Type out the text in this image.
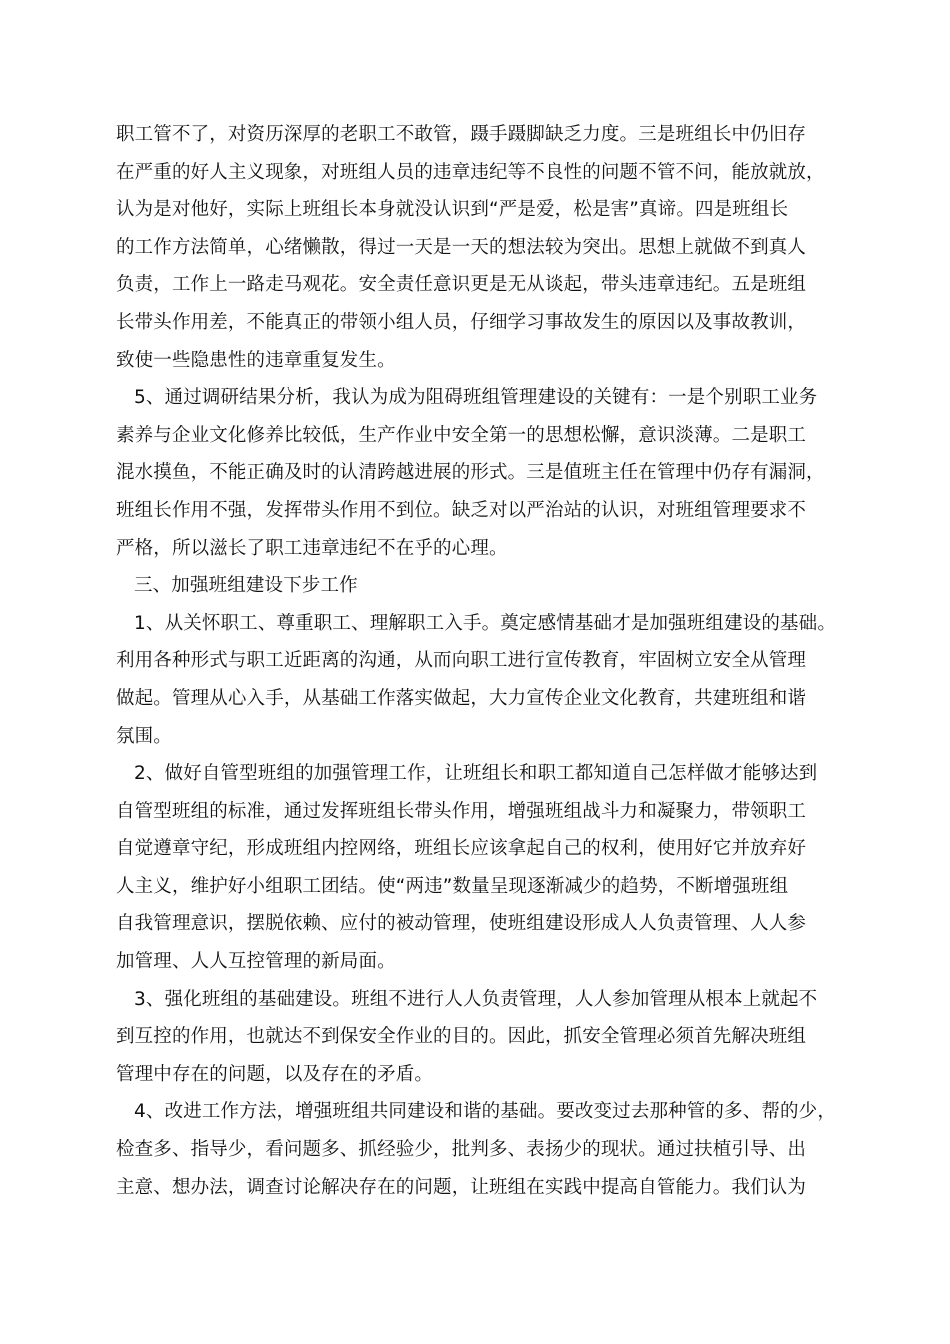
职工管不了，对资历深厚的老职工不敢管，蹑手蹑脚缺乏力度。三是班组长中仍旧存
在严重的好人主义现象，对班组人员的违章违纪等不良性的问题不管不问，能放就放，
认为是对他好，实际上班组长本身就没认识到“严是爱，松是害”真谛。四是班组长
的工作方法简单，心绪懒散，得过一天是一天的想法较为突出。思想上就做不到真人
负责，工作上一路走马观花。安全责任意识更是无从谈起，带头违章违纪。五是班组
长带头作用差，不能真正的带领小组人员，仔细学习事故发生的原因以及事故教训，
致使一些隐患性的违章重复发生。
5、通过调研结果分析，我认为成为阻碍班组管理建设的关键有：一是个别职工业务
素养与企业文化修养比较低，生产作业中安全第一的思想松懈，意识淡薄。二是职工
混水摸鱼，不能正确及时的认清跨越进展的形式。三是值班主任在管理中仍存有漏洞，
班组长作用不强，发挥带头作用不到位。缺乏对以严治站的认识，对班组管理要求不
严格，所以滋长了职工违章违纪不在乎的心理。
三、加强班组建设下步工作
1、从关怀职工、尊重职工、理解职工入手。奠定感情基础才是加强班组建设的基础。
利用各种形式与职工近距离的沟通，从而向职工进行宣传教育，牢固树立安全从管理
做起。管理从心入手，从基础工作落实做起，大力宣传企业文化教育，共建班组和谐
氛围。
2、做好自管型班组的加强管理工作，让班组长和职工都知道自己怎样做才能够达到
自管型班组的标准，通过发挥班组长带头作用，增强班组战斗力和凝聚力，带领职工
自觉遵章守纪，形成班组内控网络，班组长应该拿起自己的权利，使用好它并放弃好
人主义，维护好小组职工团结。使“两违”数量呈现逐渐减少的趋势，不断增强班组
自我管理意识，摆脱依赖、应付的被动管理，使班组建设形成人人负责管理、人人参
加管理、人人互控管理的新局面。
3、强化班组的基础建设。班组不进行人人负责管理，人人参加管理从根本上就起不
到互控的作用，也就达不到保安全作业的目的。因此，抓安全管理必须首先解决班组
管理中存在的问题，以及存在的矛盾。
4、改进工作方法，增强班组共同建设和谐的基础。要改变过去那种管的多、帮的少，
检查多、指导少，看问题多、抓经验少，批判多、表扬少的现状。通过扶植引导、出
主意、想办法，调查讨论解决存在的问题，让班组在实践中提高自管能力。我们认为
